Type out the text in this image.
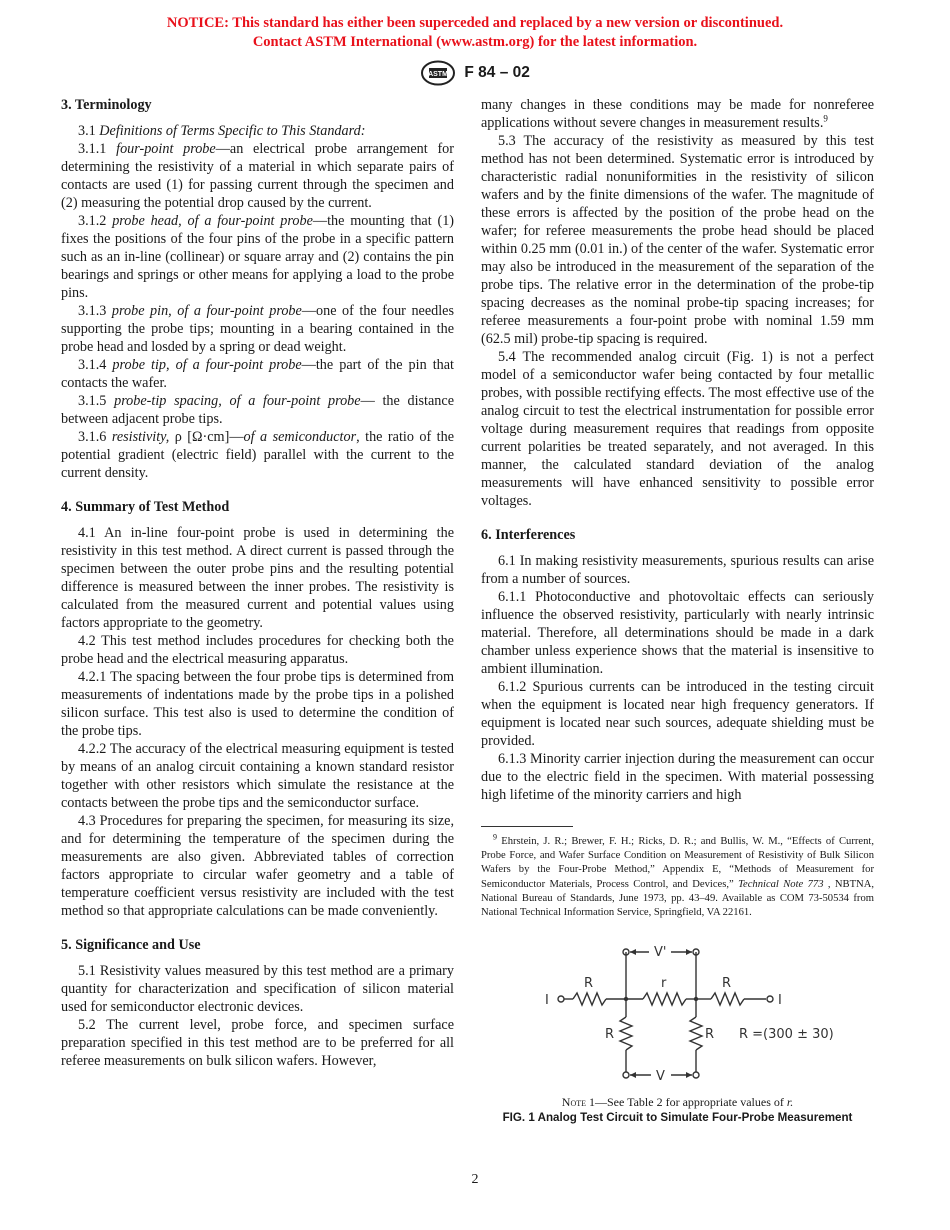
NOTICE: This standard has either been superceded and replaced by a new version or discontinued.
Contact ASTM International (www.astm.org) for the latest information.
ASTM F 84 – 02
3. Terminology

3.1 Definitions of Terms Specific to This Standard:

3.1.1 four-point probe—an electrical probe arrangement for determining the resistivity of a material in which separate pairs of contacts are used (1) for passing current through the specimen and (2) measuring the potential drop caused by the current.

3.1.2 probe head, of a four-point probe—the mounting that (1) fixes the positions of the four pins of the probe in a specific pattern such as an in-line (collinear) or square array and (2) contains the pin bearings and springs or other means for applying a load to the probe pins.

3.1.3 probe pin, of a four-point probe—one of the four needles supporting the probe tips; mounting in a bearing contained in the probe head and losded by a spring or dead weight.

3.1.4 probe tip, of a four-point probe—the part of the pin that contacts the wafer.

3.1.5 probe-tip spacing, of a four-point probe— the distance between adjacent probe tips.

3.1.6 resistivity, ρ [Ω·cm]—of a semiconductor, the ratio of the potential gradient (electric field) parallel with the current to the current density.

4. Summary of Test Method

4.1 An in-line four-point probe is used in determining the resistivity in this test method. A direct current is passed through the specimen between the outer probe pins and the resulting potential difference is measured between the inner probes. The resistivity is calculated from the measured current and potential values using factors appropriate to the geometry.

4.2 This test method includes procedures for checking both the probe head and the electrical measuring apparatus.

4.2.1 The spacing between the four probe tips is determined from measurements of indentations made by the probe tips in a polished silicon surface. This test also is used to determine the condition of the probe tips.

4.2.2 The accuracy of the electrical measuring equipment is tested by means of an analog circuit containing a known standard resistor together with other resistors which simulate the resistance at the contacts between the probe tips and the semiconductor surface.

4.3 Procedures for preparing the specimen, for measuring its size, and for determining the temperature of the specimen during the measurements are also given. Abbreviated tables of correction factors appropriate to circular wafer geometry and a table of temperature coefficient versus resistivity are included with the test method so that appropriate calculations can be made conveniently.

5. Significance and Use

5.1 Resistivity values measured by this test method are a primary quantity for characterization and specification of silicon material used for semiconductor electronic devices.

5.2 The current level, probe force, and specimen surface preparation specified in this test method are to be preferred for all referee measurements on bulk silicon wafers. However,

many changes in these conditions may be made for nonreferee applications without severe changes in measurement results.$^9$

5.3 The accuracy of the resistivity as measured by this test method has not been determined. Systematic error is introduced by characteristic radial nonuniformities in the resistivity of silicon wafers and by the finite dimensions of the wafer. The magnitude of these errors is affected by the position of the probe head on the wafer; for referee measurements the probe head should be placed within 0.25 mm (0.01 in.) of the center of the wafer. Systematic error may also be introduced in the measurement of the separation of the probe tips. The relative error in the determination of the probe-tip spacing decreases as the nominal probe-tip spacing increases; for referee measurements a four-point probe with nominal 1.59 mm (62.5 mil) probe-tip spacing is required.

5.4 The recommended analog circuit (Fig. 1) is not a perfect model of a semiconductor wafer being contacted by four metallic probes, with possible rectifying effects. The most effective use of the analog circuit to test the electrical instrumentation for possible error voltage during measurement requires that readings from opposite current polarities be treated separately, and not averaged. In this manner, the calculated standard deviation of the analog measurements will have enhanced sensitivity to possible error voltages.

6. Interferences

6.1 In making resistivity measurements, spurious results can arise from a number of sources.

6.1.1 Photoconductive and photovoltaic effects can seriously influence the observed resistivity, particularly with nearly intrinsic material. Therefore, all determinations should be made in a dark chamber unless experience shows that the material is insensitive to ambient illumination.

6.1.2 Spurious currents can be introduced in the testing circuit when the equipment is located near high frequency generators. If equipment is located near such sources, adequate shielding must be provided.

6.1.3 Minority carrier injection during the measurement can occur due to the electric field in the specimen. With material possessing high lifetime of the minority carriers and high

$^9$ Ehrstein, J. R.; Brewer, F. H.; Ricks, D. R.; and Bullis, W. M., “Effects of Current, Probe Force, and Wafer Surface Condition on Measurement of Resistivity of Bulk Silicon Wafers by the Four-Probe Method,” Appendix E, “Methods of Measurement for Semiconductor Materials, Process Control, and Devices,” Technical Note 773 , NBTNA, National Bureau of Standards, June 1973, pp. 43–49. Available as COM 73-50534 from National Technical Information Service, Springfield, VA 22161.
V'
I	I
R	r	R
R	R
V
R =(300 ± 30)
Note 1—See Table 2 for appropriate values of r.
FIG. 1 Analog Test Circuit to Simulate Four-Probe Measurement
2
